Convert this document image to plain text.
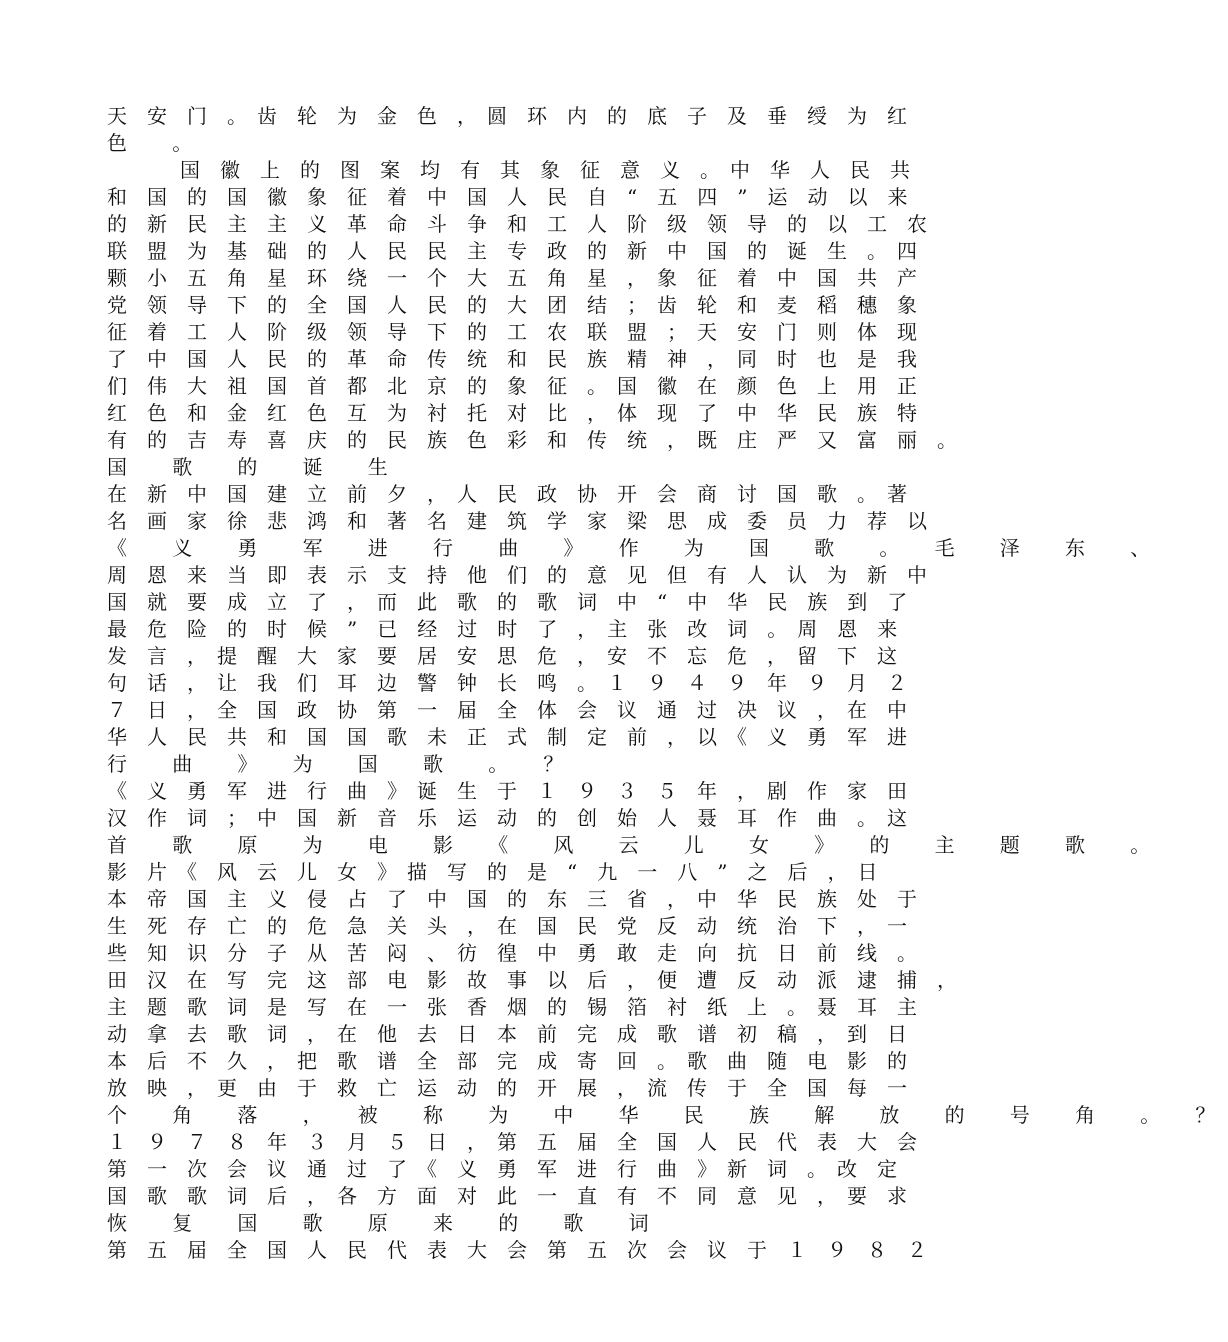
天　安　门　。　齿　轮　为　金　色　，　圆　环　内　的　底　子　及　垂　绶　为　红
色　。
国　徽　上　的　图　案　均　有　其　象　征　意　义　。　中　华　人　民　共
和　国　的　国　徽　象　征　着　中　国　人　民　自　“　五　四　”　运　动　以　来
的　新　民　主　主　义　革　命　斗　争　和　工　人　阶　级　领　导　的　以　工　农
联　盟　为　基　础　的　人　民　民　主　专　政　的　新　中　国　的　诞　生　。　四
颗　小　五　角　星　环　绕　一　个　大　五　角　星　，　象　征　着　中　国　共　产
党　领　导　下　的　全　国　人　民　的　大　团　结　；　齿　轮　和　麦　稻　穗　象
征　着　工　人　阶　级　领　导　下　的　工　农　联　盟　；　天　安　门　则　体　现
了　中　国　人　民　的　革　命　传　统　和　民　族　精　神　，　同　时　也　是　我
们　伟　大　祖　国　首　都　北　京　的　象　征　。　国　徽　在　颜　色　上　用　正
红　色　和　金　红　色　互　为　衬　托　对　比　，　体　现　了　中　华　民　族　特
有　的　吉　寿　喜　庆　的　民　族　色　彩　和　传　统　，　既　庄　严　又　富　丽　。
国　歌　的　诞　生
在　新　中　国　建　立　前　夕　，　人　民　政　协　开　会　商　讨　国　歌　。　著
名　画　家　徐　悲　鸿　和　著　名　建　筑　学　家　梁　思　成　委　员　力　荐　以
《　义　勇　军　进　行　曲　》　作　为　国　歌　。　毛　泽　东　、
周　恩　来　当　即　表　示　支　持　他　们　的　意　见　但　有　人　认　为　新　中
国　就　要　成　立　了　，　而　此　歌　的　歌　词　中　“　中　华　民　族　到　了
最　危　险　的　时　候　”　已　经　过　时　了　，　主　张　改　词　。　周　恩　来
发　言　，　提　醒　大　家　要　居　安　思　危　，　安　不　忘　危　，　留　下　这
句　话　，　让　我　们　耳　边　警　钟　长　鸣　。　１　９　４　９　年　９　月　２
７　日　，　全　国　政　协　第　一　届　全　体　会　议　通　过　决　议　，　在　中
华　人　民　共　和　国　国　歌　未　正　式　制　定　前　，　以　《　义　勇　军　进
行　曲　》　为　国　歌　。　？
《　义　勇　军　进　行　曲　》　诞　生　于　１　９　３　５　年　，　剧　作　家　田
汉　作　词　；　中　国　新　音　乐　运　动　的　创　始　人　聂　耳　作　曲　。　这
首　歌　原　为　电　影　《　风　云　儿　女　》　的　主　题　歌　。
影　片　《　风　云　儿　女　》　描　写　的　是　“　九　一　八　”　之　后　，　日
本　帝　国　主　义　侵　占　了　中　国　的　东　三　省　，　中　华　民　族　处　于
生　死　存　亡　的　危　急　关　头　，　在　国　民　党　反　动　统　治　下　，　一
些　知　识　分　子　从　苦　闷　、　彷　徨　中　勇　敢　走　向　抗　日　前　线　。
田　汉　在　写　完　这　部　电　影　故　事　以　后　，　便　遭　反　动　派　逮　捕　，
主　题　歌　词　是　写　在　一　张　香　烟　的　锡　箔　衬　纸　上　。　聂　耳　主
动　拿　去　歌　词　，　在　他　去　日　本　前　完　成　歌　谱　初　稿　，　到　日
本　后　不　久　，　把　歌　谱　全　部　完　成　寄　回　。　歌　曲　随　电　影　的
放　映　，　更　由　于　救　亡　运　动　的　开　展　，　流　传　于　全　国　每　一
个　角　落　，　被　称　为　中　华　民　族　解　放　的　号　角　。　？
１　９　７　８　年　３　月　５　日　，　第　五　届　全　国　人　民　代　表　大　会
第　一　次　会　议　通　过　了　《　义　勇　军　进　行　曲　》　新　词　。　改　定
国　歌　歌　词　后　，　各　方　面　对　此　一　直　有　不　同　意　见　，　要　求
恢　复　国　歌　原　来　的　歌　词
第　五　届　全　国　人　民　代　表　大　会　第　五　次　会　议　于　１　９　８　２
